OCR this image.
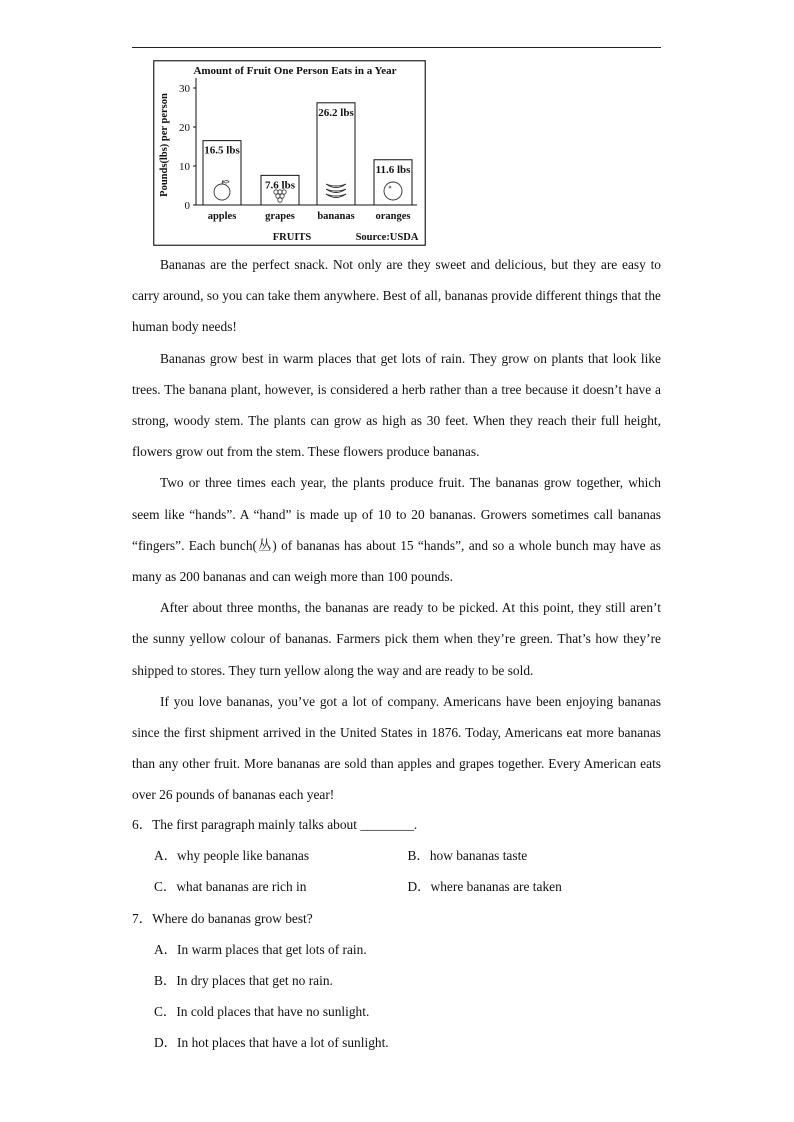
Amount of Fruit One Person Eats in a Year
Pounds(lbs) per person
0
10
20
30
16.5 lbs
apples
7.6 lbs
grapes
26.2 lbs
bananas
11.6 lbs
oranges
FRUITS	Source:USDA

Bananas are the perfect snack. Not only are they sweet and delicious, but they are easy to carry around, so you can take them anywhere. Best of all, bananas provide different things that the human body needs!

Bananas grow best in warm places that get lots of rain. They grow on plants that look like trees. The banana plant, however, is considered a herb rather than a tree because it doesn’t have a strong, woody stem. The plants can grow as high as 30 feet. When they reach their full height, flowers grow out from the stem. These flowers produce bananas.

Two or three times each year, the plants produce fruit. The bananas grow together, which seem like “hands”. A “hand” is made up of 10 to 20 bananas. Growers sometimes call bananas “fingers”. Each bunch(丛) of bananas has about 15 “hands”, and so a whole bunch may have as many as 200 bananas and can weigh more than 100 pounds.

After about three months, the bananas are ready to be picked. At this point, they still aren’t the sunny yellow colour of bananas. Farmers pick them when they’re green. That’s how they’re shipped to stores. They turn yellow along the way and are ready to be sold.

If you love bananas, you’ve got a lot of company. Americans have been enjoying bananas since the first shipment arrived in the United States in 1876. Today, Americans eat more bananas than any other fruit. More bananas are sold than apples and grapes together. Every American eats over 26 pounds of bananas each year!

6．The first paragraph mainly talks about ________.

A．why people like bananas	B．how bananas taste
C．what bananas are rich in	D．where bananas are taken

7．Where do bananas grow best?

A．In warm places that get lots of rain.

B．In dry places that get no rain.

C．In cold places that have no sunlight.

D．In hot places that have a lot of sunlight.
